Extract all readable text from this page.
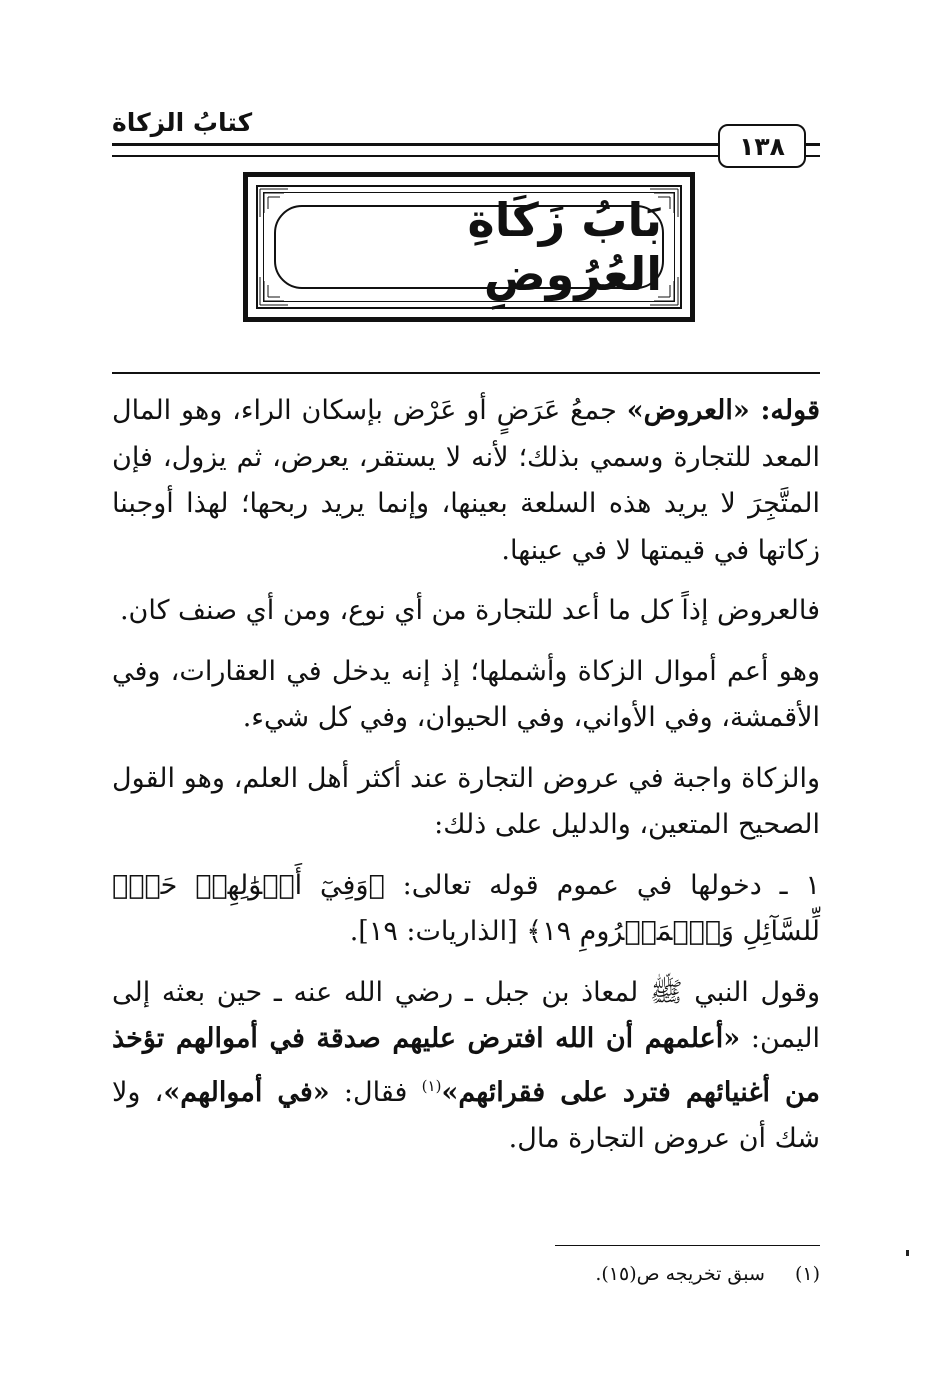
كتابُ الزكاة
١٣٨
بَابُ زَكَاةِ العُرُوضِ

قوله: «العروض» جمعُ عَرَضٍ أو عَرْض بإسكان الراء، وهو المال المعد للتجارة وسمي بذلك؛ لأنه لا يستقر، يعرض، ثم يزول، فإن المتَّجِرَ لا يريد هذه السلعة بعينها، وإنما يريد ربحها؛ لهذا أوجبنا زكاتها في قيمتها لا في عينها.

فالعروض إذاً كل ما أعد للتجارة من أي نوع، ومن أي صنف كان.

وهو أعم أموال الزكاة وأشملها؛ إذ إنه يدخل في العقارات، وفي الأقمشة، وفي الأواني، وفي الحيوان، وفي كل شيء.

والزكاة واجبة في عروض التجارة عند أكثر أهل العلم، وهو القول الصحيح المتعين، والدليل على ذلك:

١ ـ دخولها في عموم قوله تعالى: ﴿وَفِيٓ أَمۡوَٰلِهِمۡ حَقّٞ لِّلسَّآئِلِ وَٱلۡمَحۡرُومِ ١٩﴾ [الذاريات: ١٩].

وقول النبي ﷺ لمعاذ بن جبل ـ رضي الله عنه ـ حين بعثه إلى اليمن: «أعلمهم أن الله افترض عليهم صدقة في أموالهم تؤخذ من أغنيائهم فترد على فقرائهم»$^{(١)}$ فقال: «في أموالهم»، ولا شك أن عروض التجارة مال.

(١)سبق تخريجه ص(١٥).
